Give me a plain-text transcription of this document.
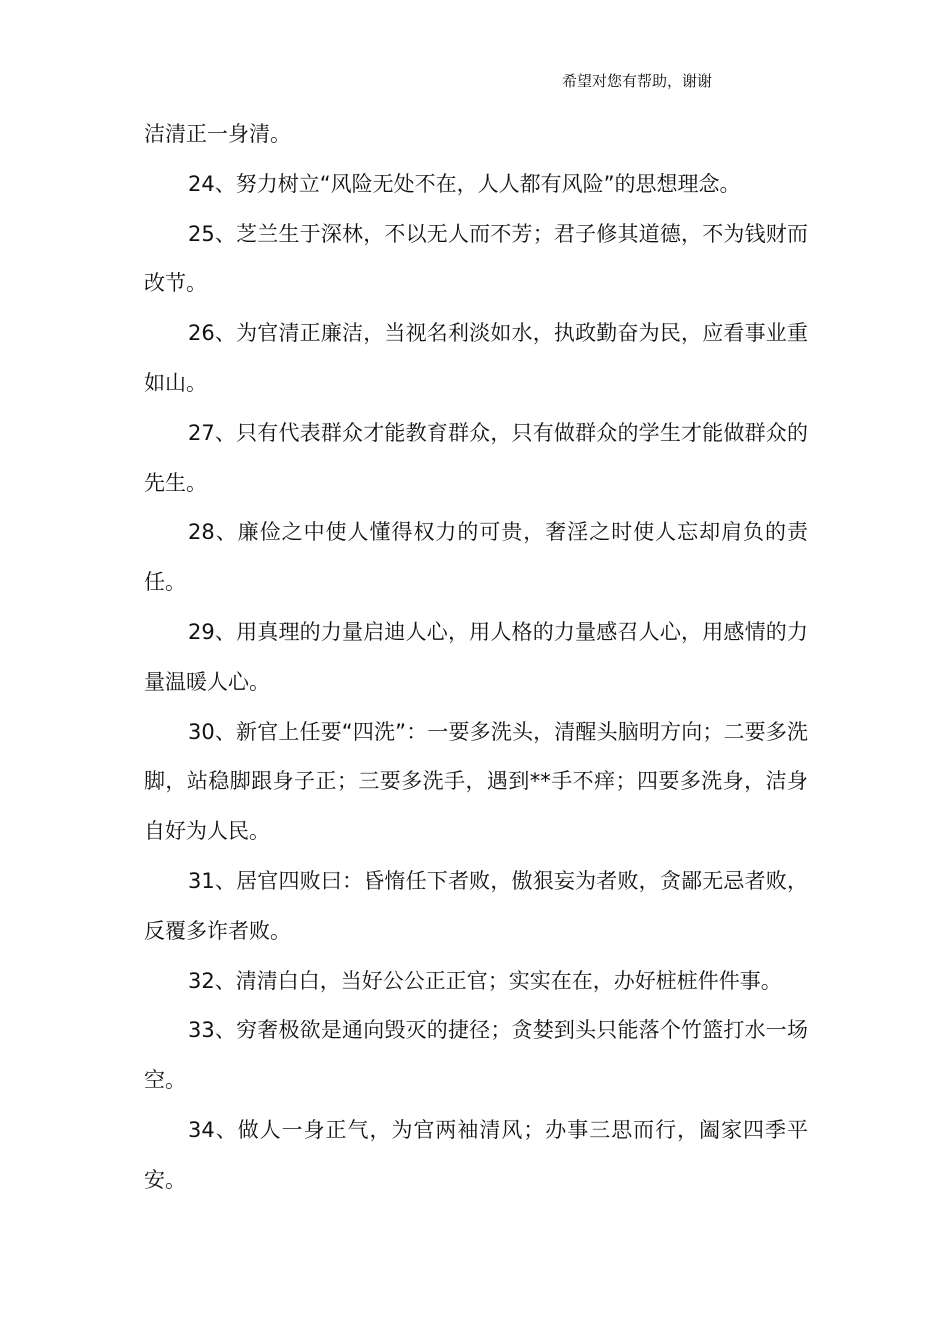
希望对您有帮助，谢谢

洁清正一身清。

24、努力树立“风险无处不在，人人都有风险”的思想理念。

25、芝兰生于深林，不以无人而不芳；君子修其道德，不为钱财而改节。

26、为官清正廉洁，当视名利淡如水，执政勤奋为民，应看事业重如山。

27、只有代表群众才能教育群众，只有做群众的学生才能做群众的先生。

28、廉俭之中使人懂得权力的可贵，奢淫之时使人忘却肩负的责任。

29、用真理的力量启迪人心，用人格的力量感召人心，用感情的力量温暖人心。

30、新官上任要“四洗”：一要多洗头，清醒头脑明方向；二要多洗脚，站稳脚跟身子正；三要多洗手，遇到**手不痒；四要多洗身，洁身自好为人民。

31、居官四败曰：昏惰任下者败，傲狠妄为者败，贪鄙无忌者败，反覆多诈者败。

32、清清白白，当好公公正正官；实实在在，办好桩桩件件事。

33、穷奢极欲是通向毁灭的捷径；贪婪到头只能落个竹篮打水一场空。

34、做人一身正气，为官两袖清风；办事三思而行，阖家四季平安。
